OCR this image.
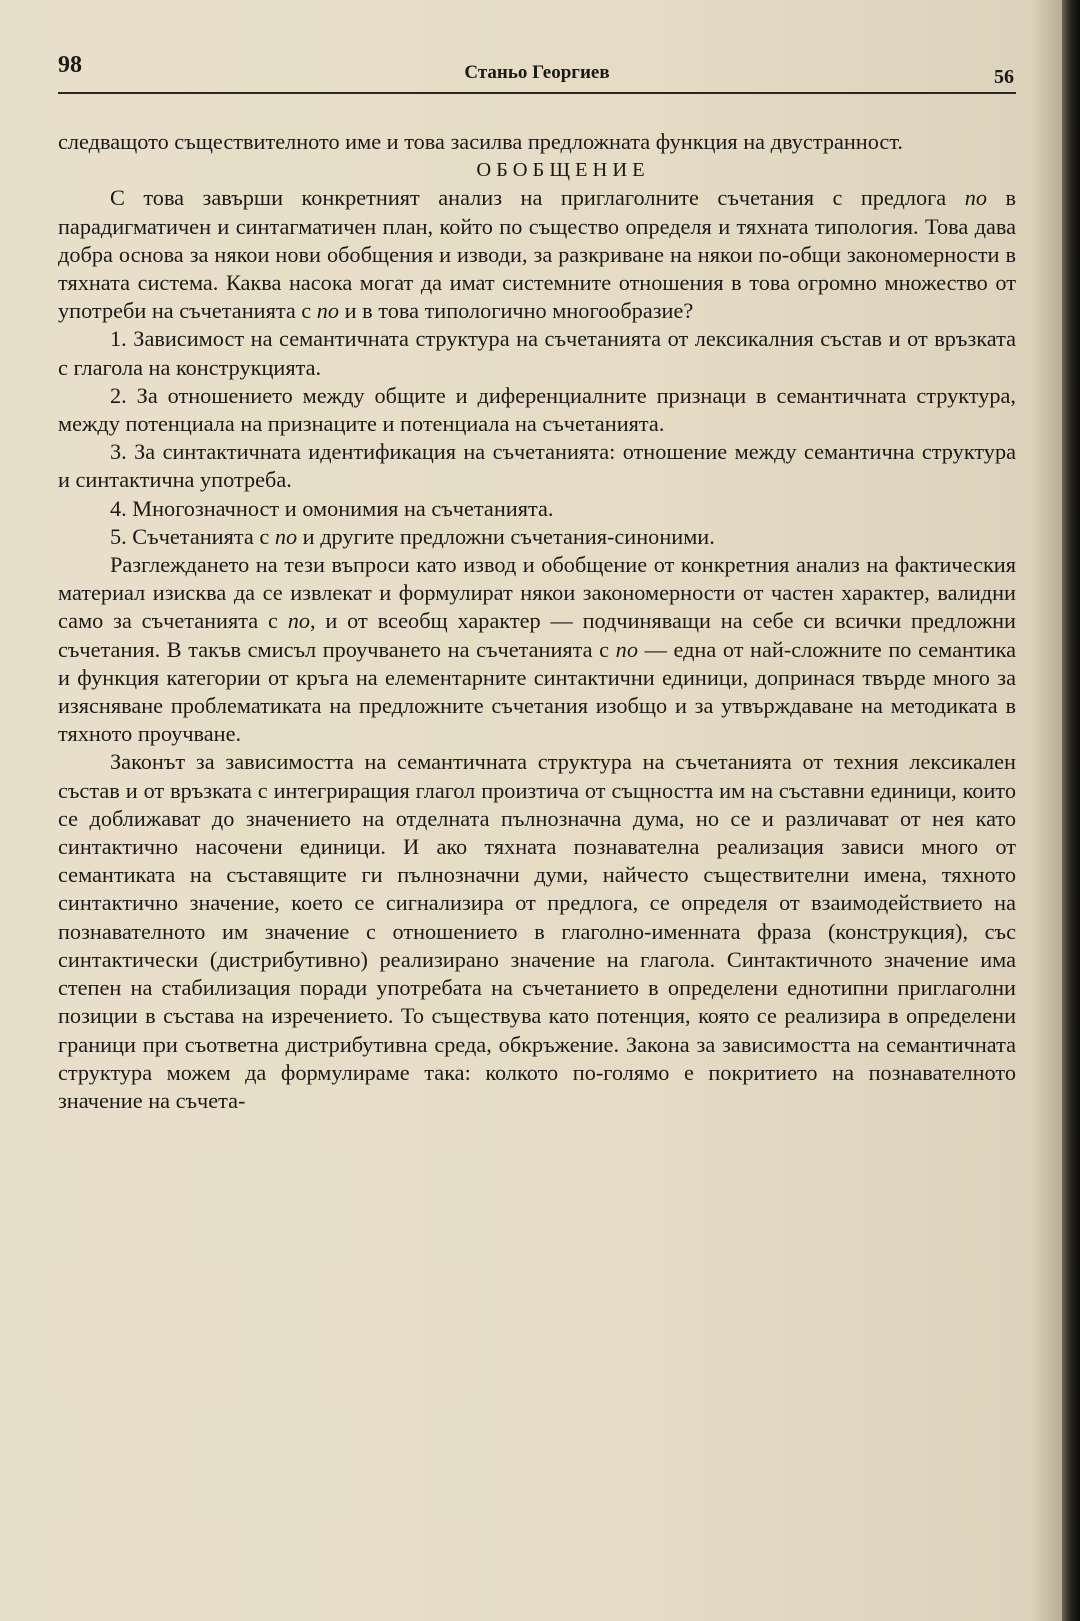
98	Станьо Георгиев	56

следващото съществителното име и това засилва предложната функция на двустранност.

ОБОБЩЕНИЕ

С това завърши конкретният анализ на приглаголните съчетания с предлога по в парадигматичен и синтагматичен план, който по същество определя и тяхната типология. Това дава добра основа за някои нови обобщения и изводи, за разкриване на някои по-общи закономерности в тяхната система. Каква насока могат да имат системните отношения в това огромно множество от употреби на съчетанията с по и в това типологично многообразие?

1. Зависимост на семантичната структура на съчетанията от лексикалния състав и от връзката с глагола на конструкцията.

2. За отношението между общите и диференциалните признаци в семантичната структура, между потенциала на признаците и потенциала на съчетанията.

3. За синтактичната идентификация на съчетанията: отношение между семантична структура и синтактична употреба.

4. Многозначност и омонимия на съчетанията.

5. Съчетанията с по и другите предложни съчетания-синоними.

Разглеждането на тези въпроси като извод и обобщение от конкретния анализ на фактическия материал изисква да се извлекат и формулират някои закономерности от частен характер, валидни само за съчетанията с по, и от всеобщ характер — подчиняващи на себе си всички предложни съчетания. В такъв смисъл проучването на съчетанията с по — една от най-сложните по семантика и функция категории от кръга на елементарните синтактични единици, допринася твърде много за изясняване проблематиката на предложните съчетания изобщо и за утвърждаване на методиката в тяхното проучване.

Законът за зависимостта на семантичната структура на съчетанията от техния лексикален състав и от връзката с интегриращия глагол произтича от същността им на съставни единици, които се доближават до значението на отделната пълнозначна дума, но се и различават от нея като синтактично насочени единици. И ако тяхната познавателна реализация зависи много от семантиката на съставящите ги пълнозначни думи, найчесто съществителни имена, тяхното синтактично значение, което се сигнализира от предлога, се определя от взаимодействието на познавателното им значение с отношението в глаголно-именната фраза (конструкция), със синтактически (дистрибутивно) реализирано значение на глагола. Синтактичното значение има степен на стабилизация поради употребата на съчетанието в определени еднотипни приглаголни позиции в състава на изречението. То съществува като потенция, която се реализира в определени граници при съответна дистрибутивна среда, обкръжение. Закона за зависимостта на семантичната структура можем да формулираме така: колкото по-голямо е покритието на познавателното значение на съчета-
